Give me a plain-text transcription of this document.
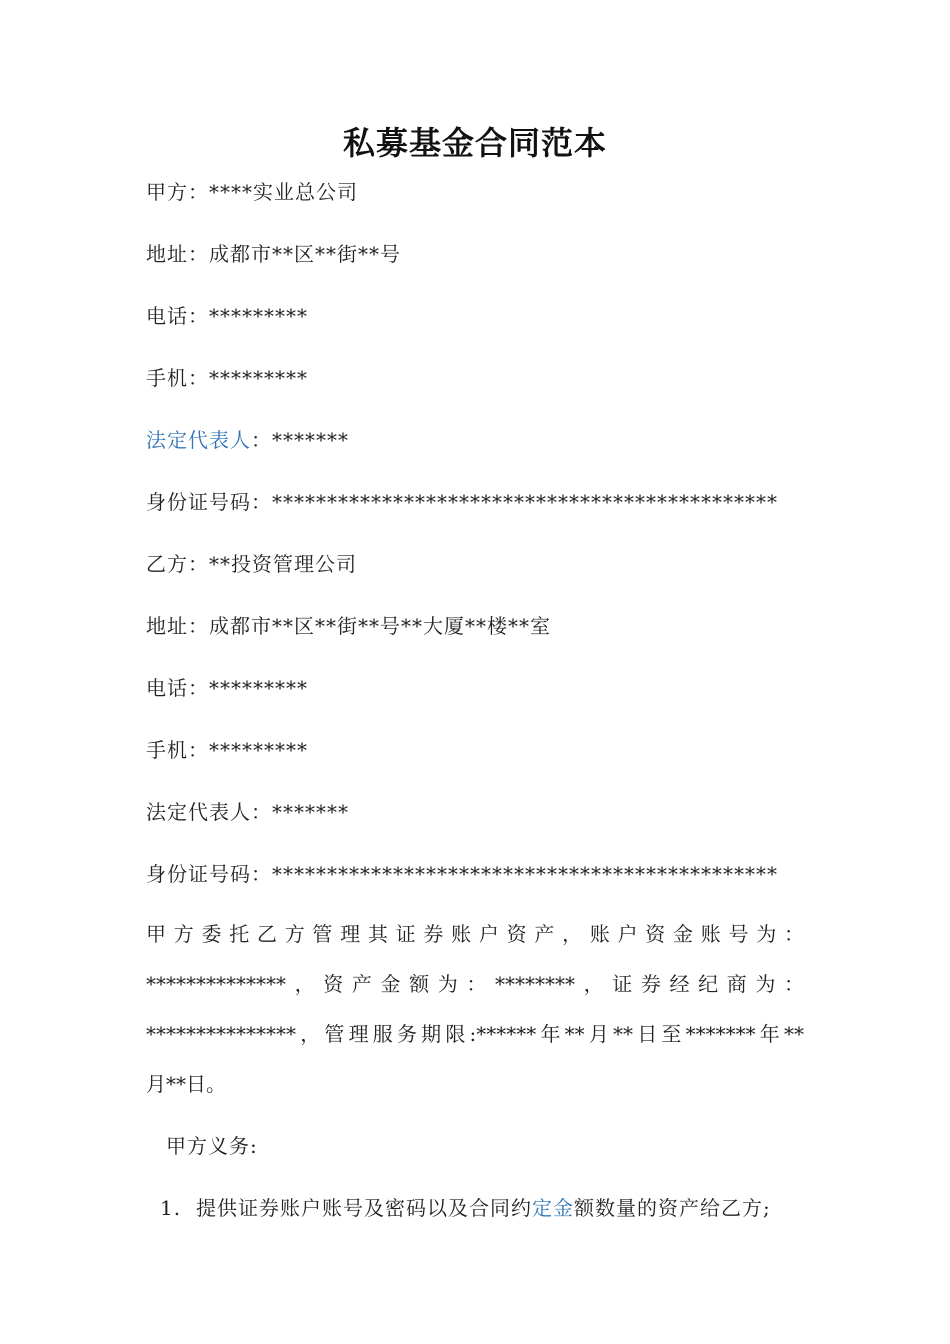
私募基金合同范本
甲方：****实业总公司
地址：成都市**区**街**号
电话：*********
手机：*********
法定代表人：*******
身份证号码：**********************************************
乙方：**投资管理公司
地址：成都市**区**街**号**大厦**楼**室
电话：*********
手机：*********
法定代表人：*******
身份证号码：**********************************************
甲方委托乙方管理其证券账户资产，账户资金账号为：
**************，资产金额为：********，证券经纪商为：
***************，管理服务期限:******年**月**日至*******年**
月**日。
甲方义务:
1. 提供证券账户账号及密码以及合同约定金额数量的资产给乙方;
